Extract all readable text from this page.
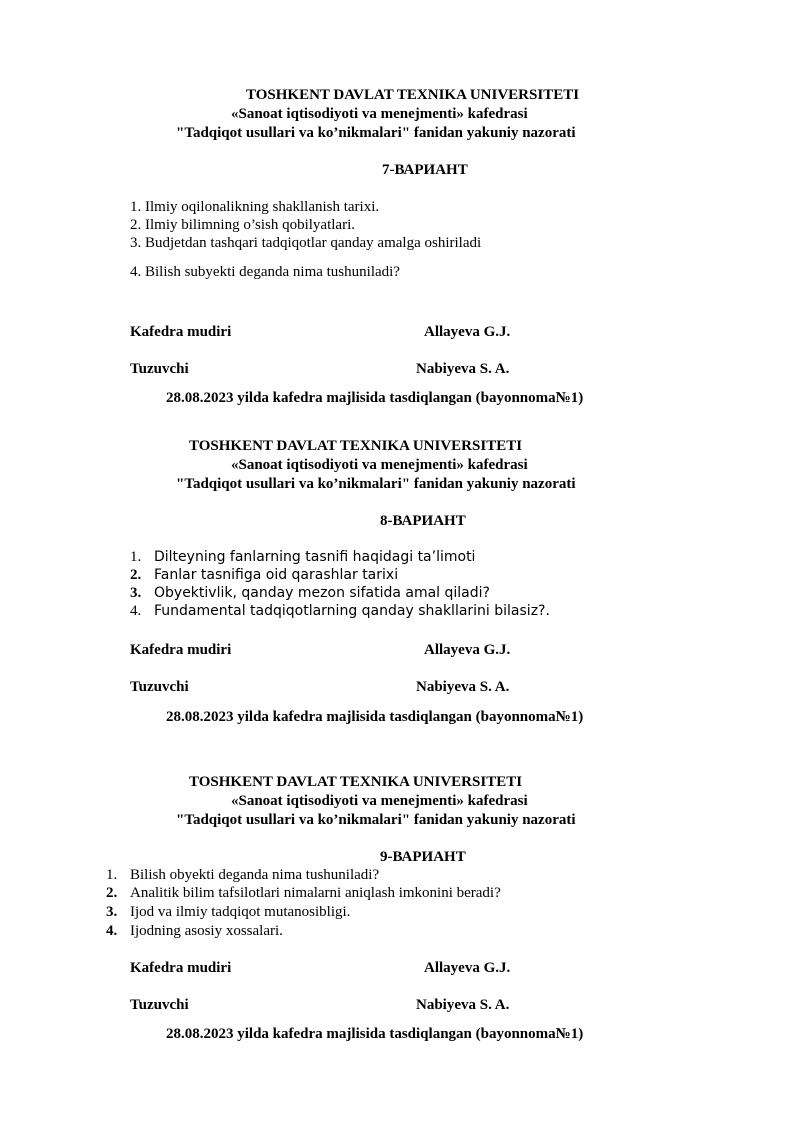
TOSHKENT DAVLAT TEXNIKA UNIVERSITETI
«Sanoat iqtisodiyoti va menejmenti» kafedrasi
"Tadqiqot usullari va ko’nikmalari" fanidan yakuniy nazorati
7-ВАРИАНТ
1. Ilmiy oqilonalikning shakllanish tarixi.
2. Ilmiy bilimning o’sish qobilyatlari.
3. Budjetdan tashqari tadqiqotlar qanday amalga oshiriladi
4. Bilish subyekti deganda nima tushuniladi?
Kafedra mudiri	Allayeva G.J.
Tuzuvchi	Nabiyeva S. A.
28.08.2023 yilda kafedra majlisida tasdiqlangan (bayonnoma№1)
TOSHKENT DAVLAT TEXNIKA UNIVERSITETI
«Sanoat iqtisodiyoti va menejmenti» kafedrasi
"Tadqiqot usullari va ko’nikmalari" fanidan yakuniy nazorati
8-ВАРИАНТ
1. Dilteyning fanlarning tasnifi haqidagi ta’limoti
2. Fanlar tasnifiga oid qarashlar tarixi
3. Obyektivlik, qanday mezon sifatida amal qiladi?
4. Fundamental tadqiqotlarning qanday shakllarini bilasiz?.
Kafedra mudiri	Allayeva G.J.
Tuzuvchi	Nabiyeva S. A.
28.08.2023 yilda kafedra majlisida tasdiqlangan (bayonnoma№1)
TOSHKENT DAVLAT TEXNIKA UNIVERSITETI
«Sanoat iqtisodiyoti va menejmenti» kafedrasi
"Tadqiqot usullari va ko’nikmalari" fanidan yakuniy nazorati
9-ВАРИАНТ
1. Bilish obyekti deganda nima tushuniladi?
2. Analitik bilim tafsilotlari nimalarni aniqlash imkonini beradi?
3. Ijod va ilmiy tadqiqot mutanosibligi.
4. Ijodning asosiy xossalari.
Kafedra mudiri	Allayeva G.J.
Tuzuvchi	Nabiyeva S. A.
28.08.2023 yilda kafedra majlisida tasdiqlangan (bayonnoma№1)
